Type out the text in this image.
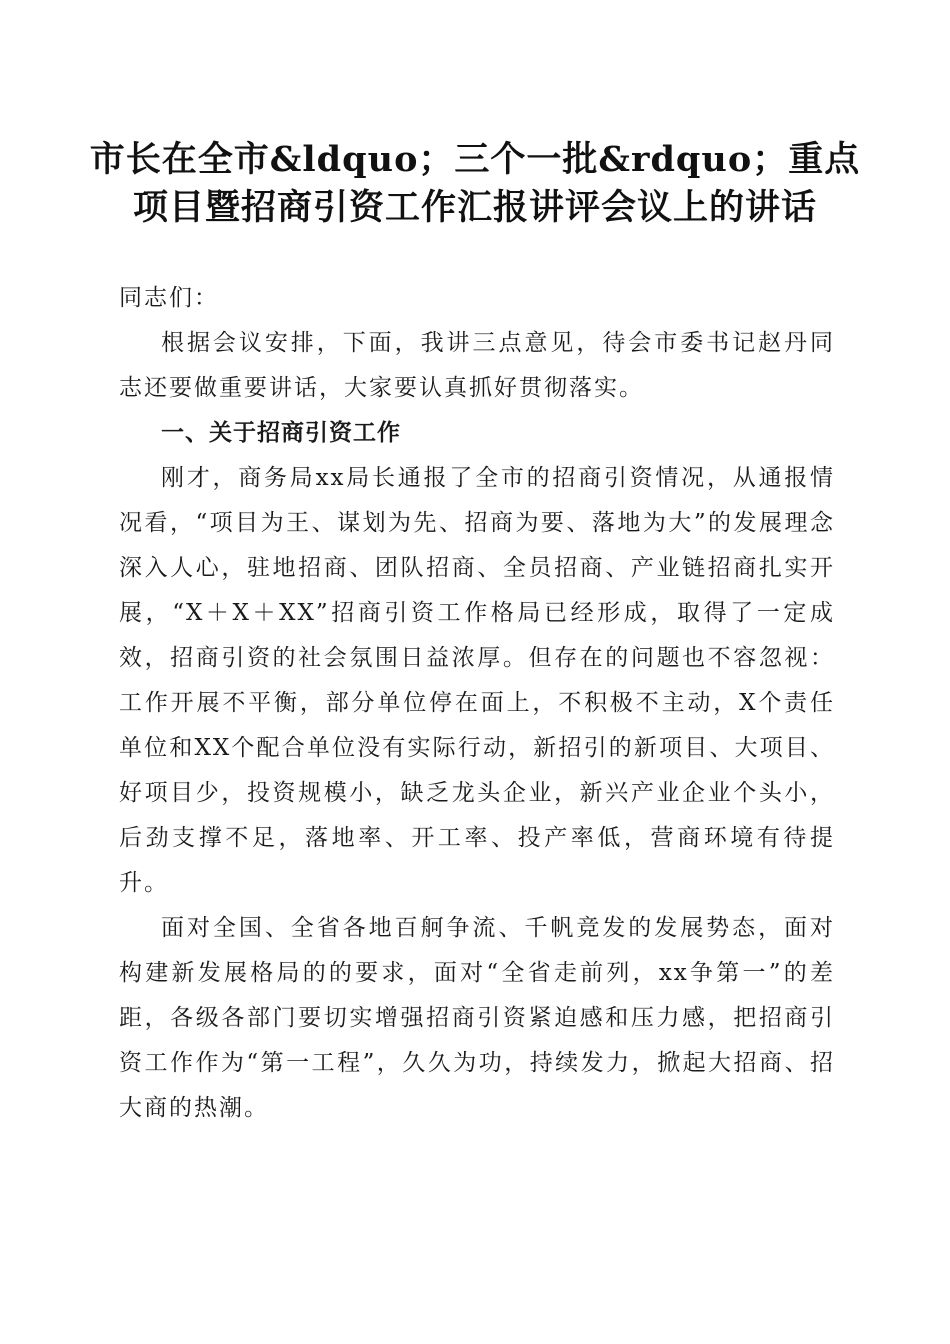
市长在全市&ldquo；三个一批&rdquo；重点
项目暨招商引资工作汇报讲评会议上的讲话

同志们：

根据会议安排，下面，我讲三点意见，待会市委书记赵丹同志还要做重要讲话，大家要认真抓好贯彻落实。

一、关于招商引资工作

刚才，商务局xx局长通报了全市的招商引资情况，从通报情况看，“项目为王、谋划为先、招商为要、落地为大”的发展理念深入人心，驻地招商、团队招商、全员招商、产业链招商扎实开展，“X＋X＋XX”招商引资工作格局已经形成，取得了一定成效，招商引资的社会氛围日益浓厚。但存在的问题也不容忽视：工作开展不平衡，部分单位停在面上，不积极不主动，X个责任单位和XX个配合单位没有实际行动，新招引的新项目、大项目、好项目少，投资规模小，缺乏龙头企业，新兴产业企业个头小，后劲支撑不足，落地率、开工率、投产率低，营商环境有待提升。

面对全国、全省各地百舸争流、千帆竞发的发展势态，面对构建新发展格局的的要求，面对“全省走前列，xx争第一”的差距，各级各部门要切实增强招商引资紧迫感和压力感，把招商引资工作作为“第一工程”，久久为功，持续发力，掀起大招商、招大商的热潮。
